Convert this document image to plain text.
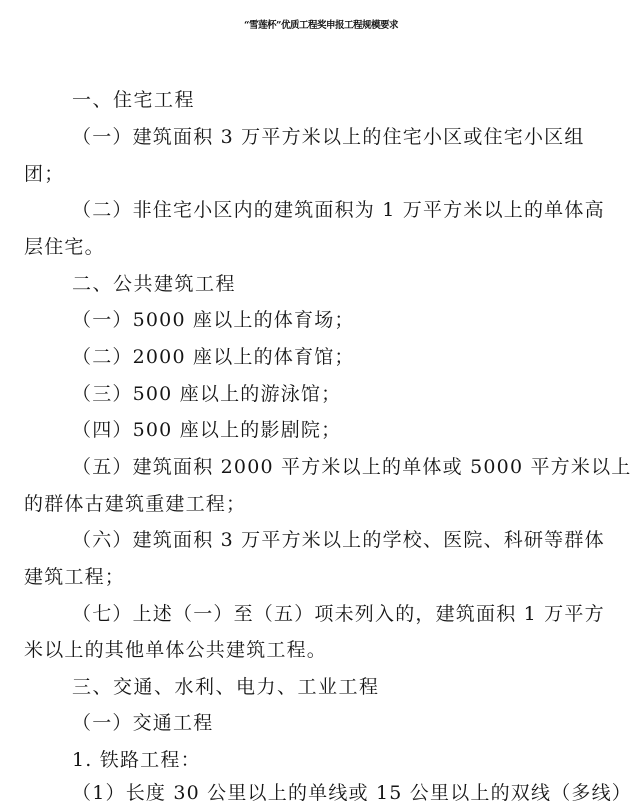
“雪莲杯”优质工程奖申报工程规模要求
一、住宅工程
（一）建筑面积 3 万平方米以上的住宅小区或住宅小区组
团；
（二）非住宅小区内的建筑面积为 1 万平方米以上的单体高
层住宅。
二、公共建筑工程
（一）5000 座以上的体育场；
（二）2000 座以上的体育馆；
（三）500 座以上的游泳馆；
（四）500 座以上的影剧院；
（五）建筑面积 2000 平方米以上的单体或 5000 平方米以上
的群体古建筑重建工程；
（六）建筑面积 3 万平方米以上的学校、医院、科研等群体
建筑工程；
（七）上述（一）至（五）项未列入的，建筑面积 1 万平方
米以上的其他单体公共建筑工程。
三、交通、水利、电力、工业工程
（一）交通工程
1. 铁路工程：
（1）长度 30 公里以上的单线或 15 公里以上的双线（多线）
